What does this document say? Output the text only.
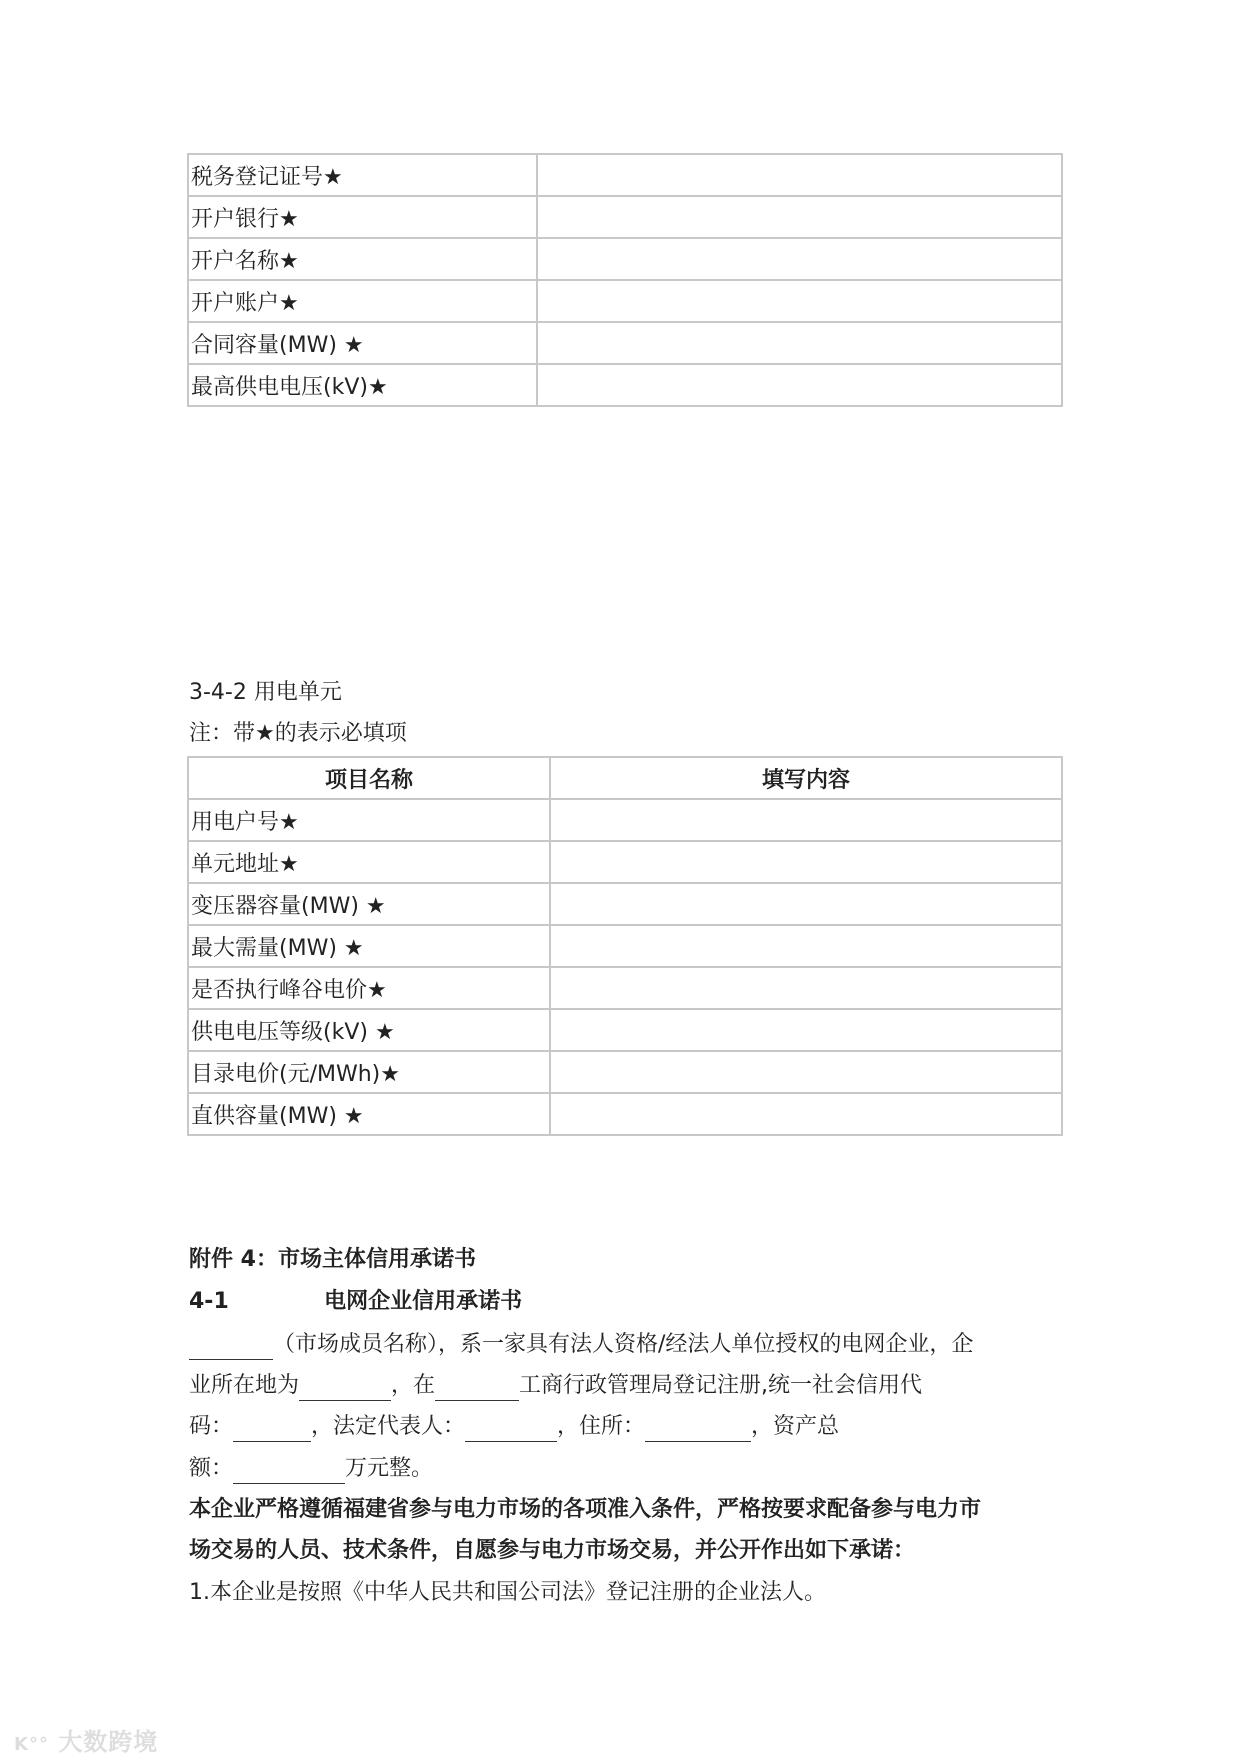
税务登记证号★	
开户银行★	
开户名称★	
开户账户★	
合同容量(MW) ★	
最高供电电压(kV)★	
3-4-2 用电单元
注：带★的表示必填项
项目名称	填写内容
用电户号★	
单元地址★	
变压器容量(MW) ★	
最大需量(MW) ★	
是否执行峰谷电价★	
供电电压等级(kV) ★	
目录电价(元/MWh)★	
直供容量(MW) ★	
附件 4：市场主体信用承诺书
4-1	电网企业信用承诺书
（市场成员名称），系一家具有法人资格/经法人单位授权的电网企业，企
业所在地为	，在	工商行政管理局登记注册,统一社会信用代
码：	，法定代表人：	，住所：	，资产总
额：	万元整。
本企业严格遵循福建省参与电力市场的各项准入条件，严格按要求配备参与电力市
场交易的人员、技术条件，自愿参与电力市场交易，并公开作出如下承诺：
1.本企业是按照《中华人民共和国公司法》登记注册的企业法人。
K°° 大数跨境
